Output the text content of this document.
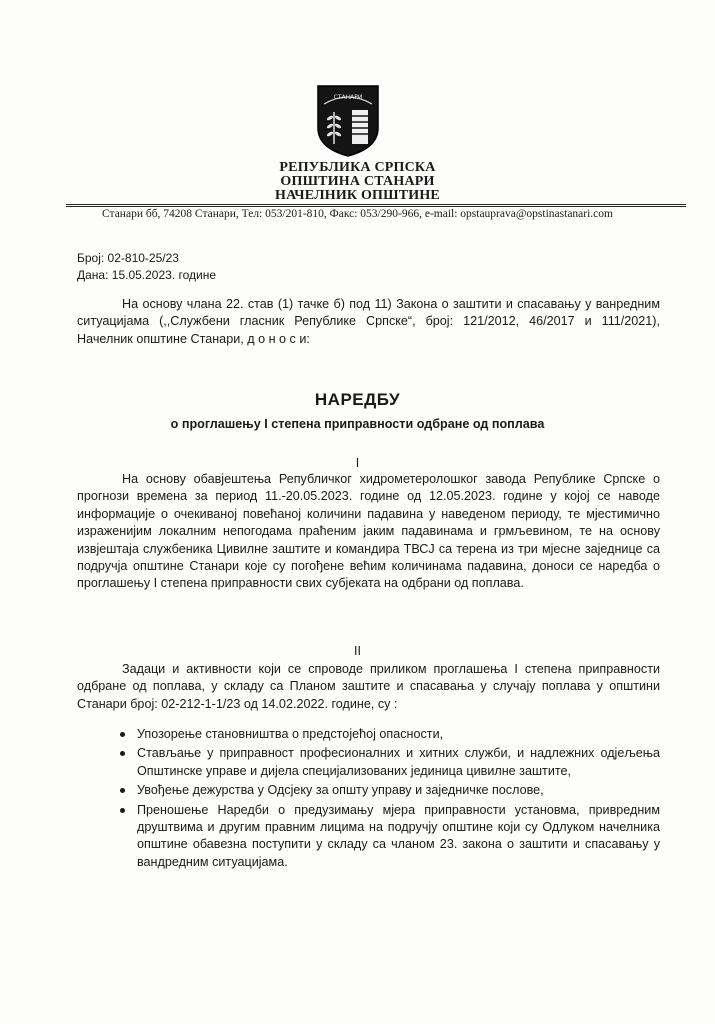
СТАНАРИ
РЕПУБЛИКА СРПСКА
ОПШТИНА СТАНАРИ
НАЧЕЛНИК ОПШТИНЕ
Станари бб, 74208 Станари, Тел: 053/201-810, Факс: 053/290-966, e-mail: opstauprava@opstinastanari.com
Број: 02-810-25/23
Дана: 15.05.2023. године

На основу члана 22. став (1) тачке б) под 11) Закона о заштити и спасавању у ванредним ситуацијама (,,Службени гласник Републике Српске“, број: 121/2012, 46/2017 и 111/2021), Начелник општине Станари, д о н о с и:

НАРЕДБУ
о проглашењу I степена приправности одбране од поплава
I

На основу обавјештења Републичког хидрометеролошког завода Републике Српске о прогнози времена за период 11.-20.05.2023. године од 12.05.2023. године у којој се наводе информације о очекиваној повећаној количини падавина у наведеном периоду, те мјестимично израженијим локалним непогодама праћеним јаким падавинама и грмљевином, те на основу извјештаја службеника Цивилне заштите и командира ТВСЈ са терена из три мјесне заједнице са подручја општине Станари које су погођене већим количинама падавина, доноси се наредба о проглашењу I степена приправности свих субјеката на одбрани од поплава.

II

Задаци и активности који се спроводе приликом проглашења I степена приправности одбране од поплава, у складу са Планом заштите и спасавања у случају поплава у општини Станари број: 02-212-1-1/23 од 14.02.2022. године, су :

Упозорење становништва о предстојећој опасности,
Стављање у приправност професионалних и хитних служби, и надлежних одјељења Општинске управе и дијела специјализованих јединица цивилне заштите,
Увођење дежурства у Одсјеку за општу управу и заједничке послове,
Преношење Наредби о предузимању мјера приправности установма, привредним друштвима и другим правним лицима на подручју општине који су Одлуком начелника општине обавезна поступити у складу са чланом 23. закона о заштити и спасавању у вандредним ситуацијама.
